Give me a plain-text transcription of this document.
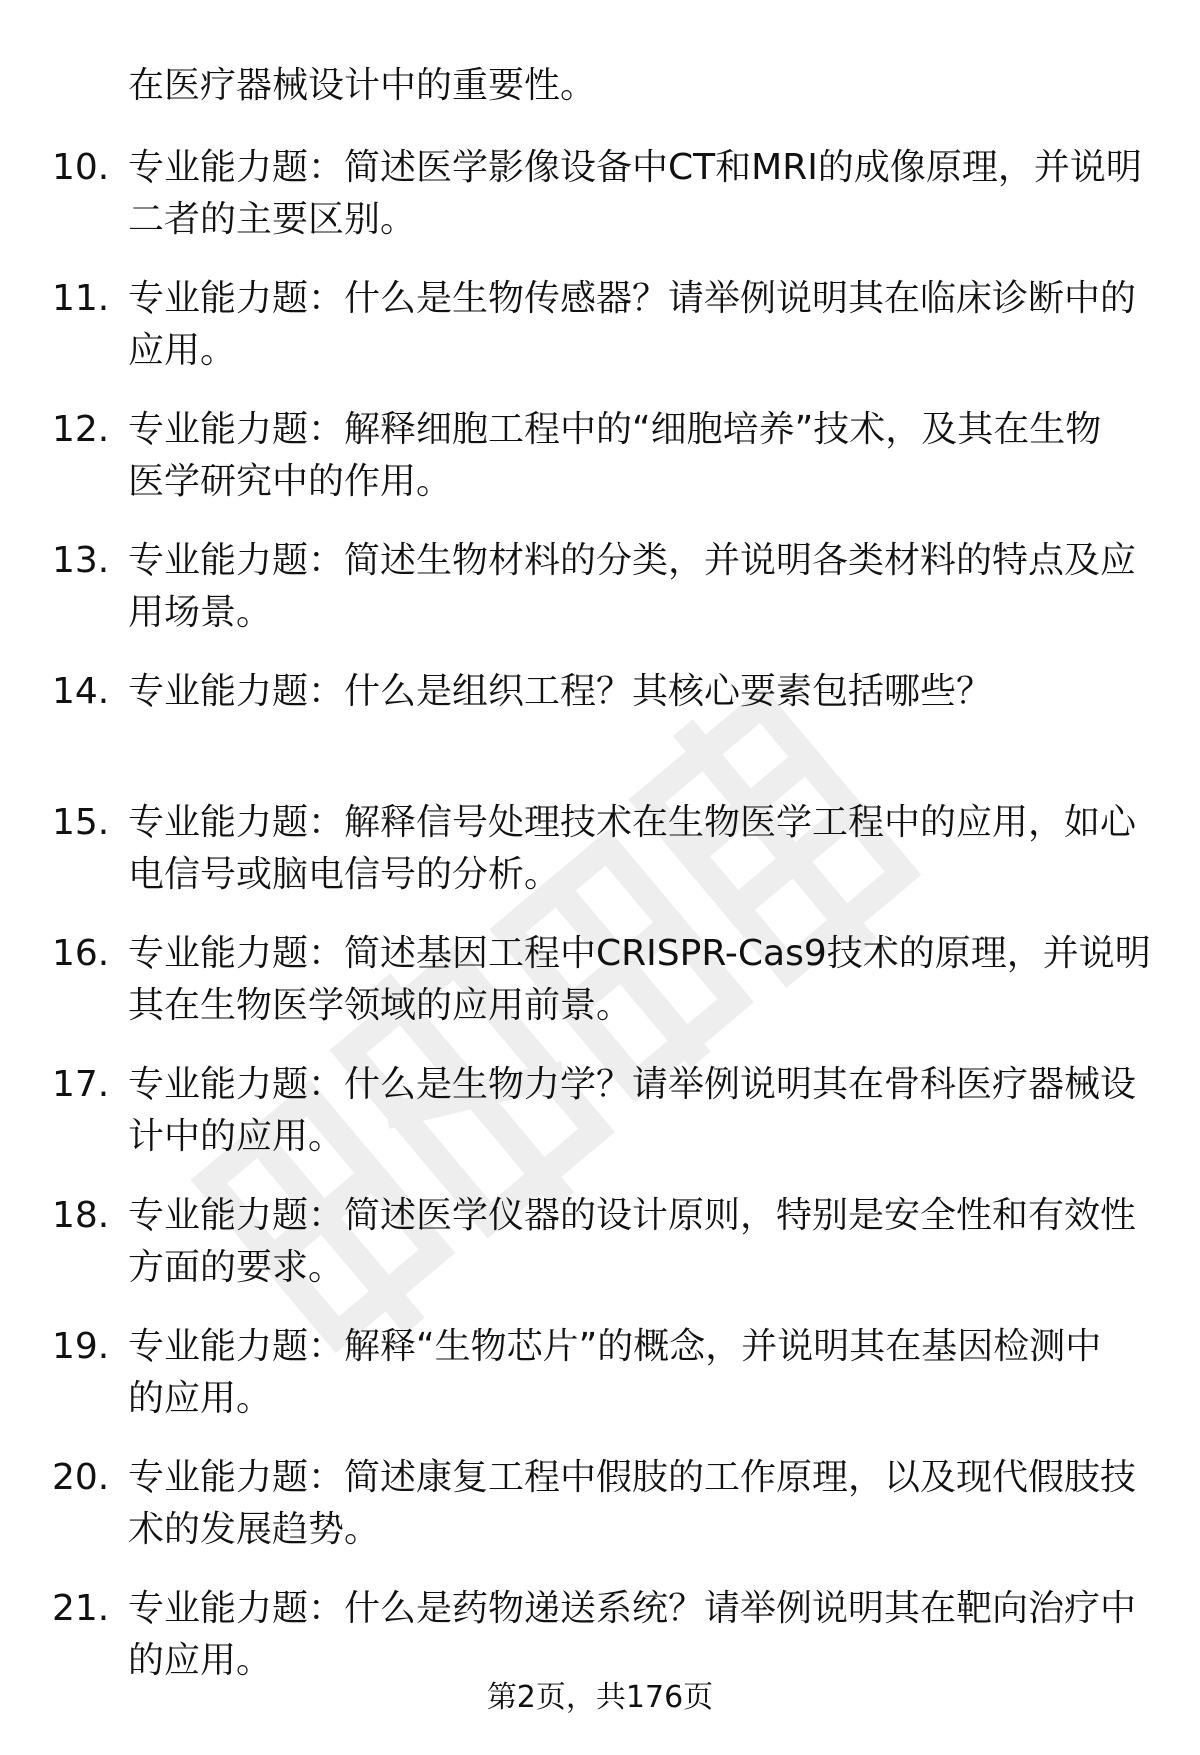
在医疗器械设计中的重要性。
10. 专业能力题：简述医学影像设备中CT和MRI的成像原理，并说明
二者的主要区别。
11. 专业能力题：什么是生物传感器？请举例说明其在临床诊断中的
应用。
12. 专业能力题：解释细胞工程中的“细胞培养”技术，及其在生物
医学研究中的作用。
13. 专业能力题：简述生物材料的分类，并说明各类材料的特点及应
用场景。
14. 专业能力题：什么是组织工程？其核心要素包括哪些？
15. 专业能力题：解释信号处理技术在生物医学工程中的应用，如心
电信号或脑电信号的分析。
16. 专业能力题：简述基因工程中CRISPR-Cas9技术的原理，并说明
其在生物医学领域的应用前景。
17. 专业能力题：什么是生物力学？请举例说明其在骨科医疗器械设
计中的应用。
18. 专业能力题：简述医学仪器的设计原则，特别是安全性和有效性
方面的要求。
19. 专业能力题：解释“生物芯片”的概念，并说明其在基因检测中
的应用。
20. 专业能力题：简述康复工程中假肢的工作原理，以及现代假肢技
术的发展趋势。
21. 专业能力题：什么是药物递送系统？请举例说明其在靶向治疗中
的应用。
第2页，共176页
